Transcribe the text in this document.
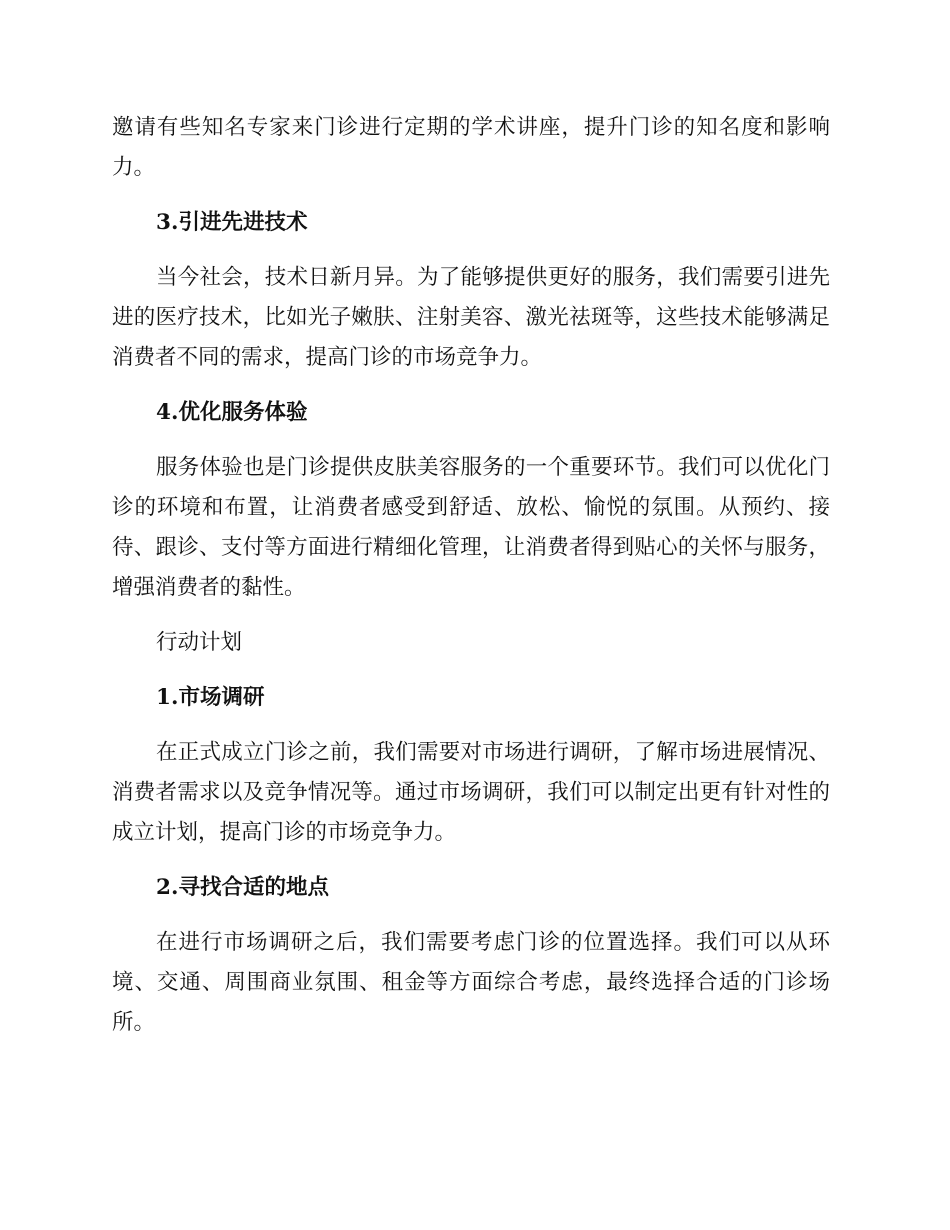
邀请有些知名专家来门诊进行定期的学术讲座，提升门诊的知名度和影响力。

3.引进先进技术

当今社会，技术日新月异。为了能够提供更好的服务，我们需要引进先进的医疗技术，比如光子嫩肤、注射美容、激光祛斑等，这些技术能够满足消费者不同的需求，提高门诊的市场竞争力。

4.优化服务体验

服务体验也是门诊提供皮肤美容服务的一个重要环节。我们可以优化门诊的环境和布置，让消费者感受到舒适、放松、愉悦的氛围。从预约、接待、跟诊、支付等方面进行精细化管理，让消费者得到贴心的关怀与服务，增强消费者的黏性。

行动计划

1.市场调研

在正式成立门诊之前，我们需要对市场进行调研，了解市场进展情况、消费者需求以及竞争情况等。通过市场调研，我们可以制定出更有针对性的成立计划，提高门诊的市场竞争力。

2.寻找合适的地点

在进行市场调研之后，我们需要考虑门诊的位置选择。我们可以从环境、交通、周围商业氛围、租金等方面综合考虑，最终选择合适的门诊场所。
